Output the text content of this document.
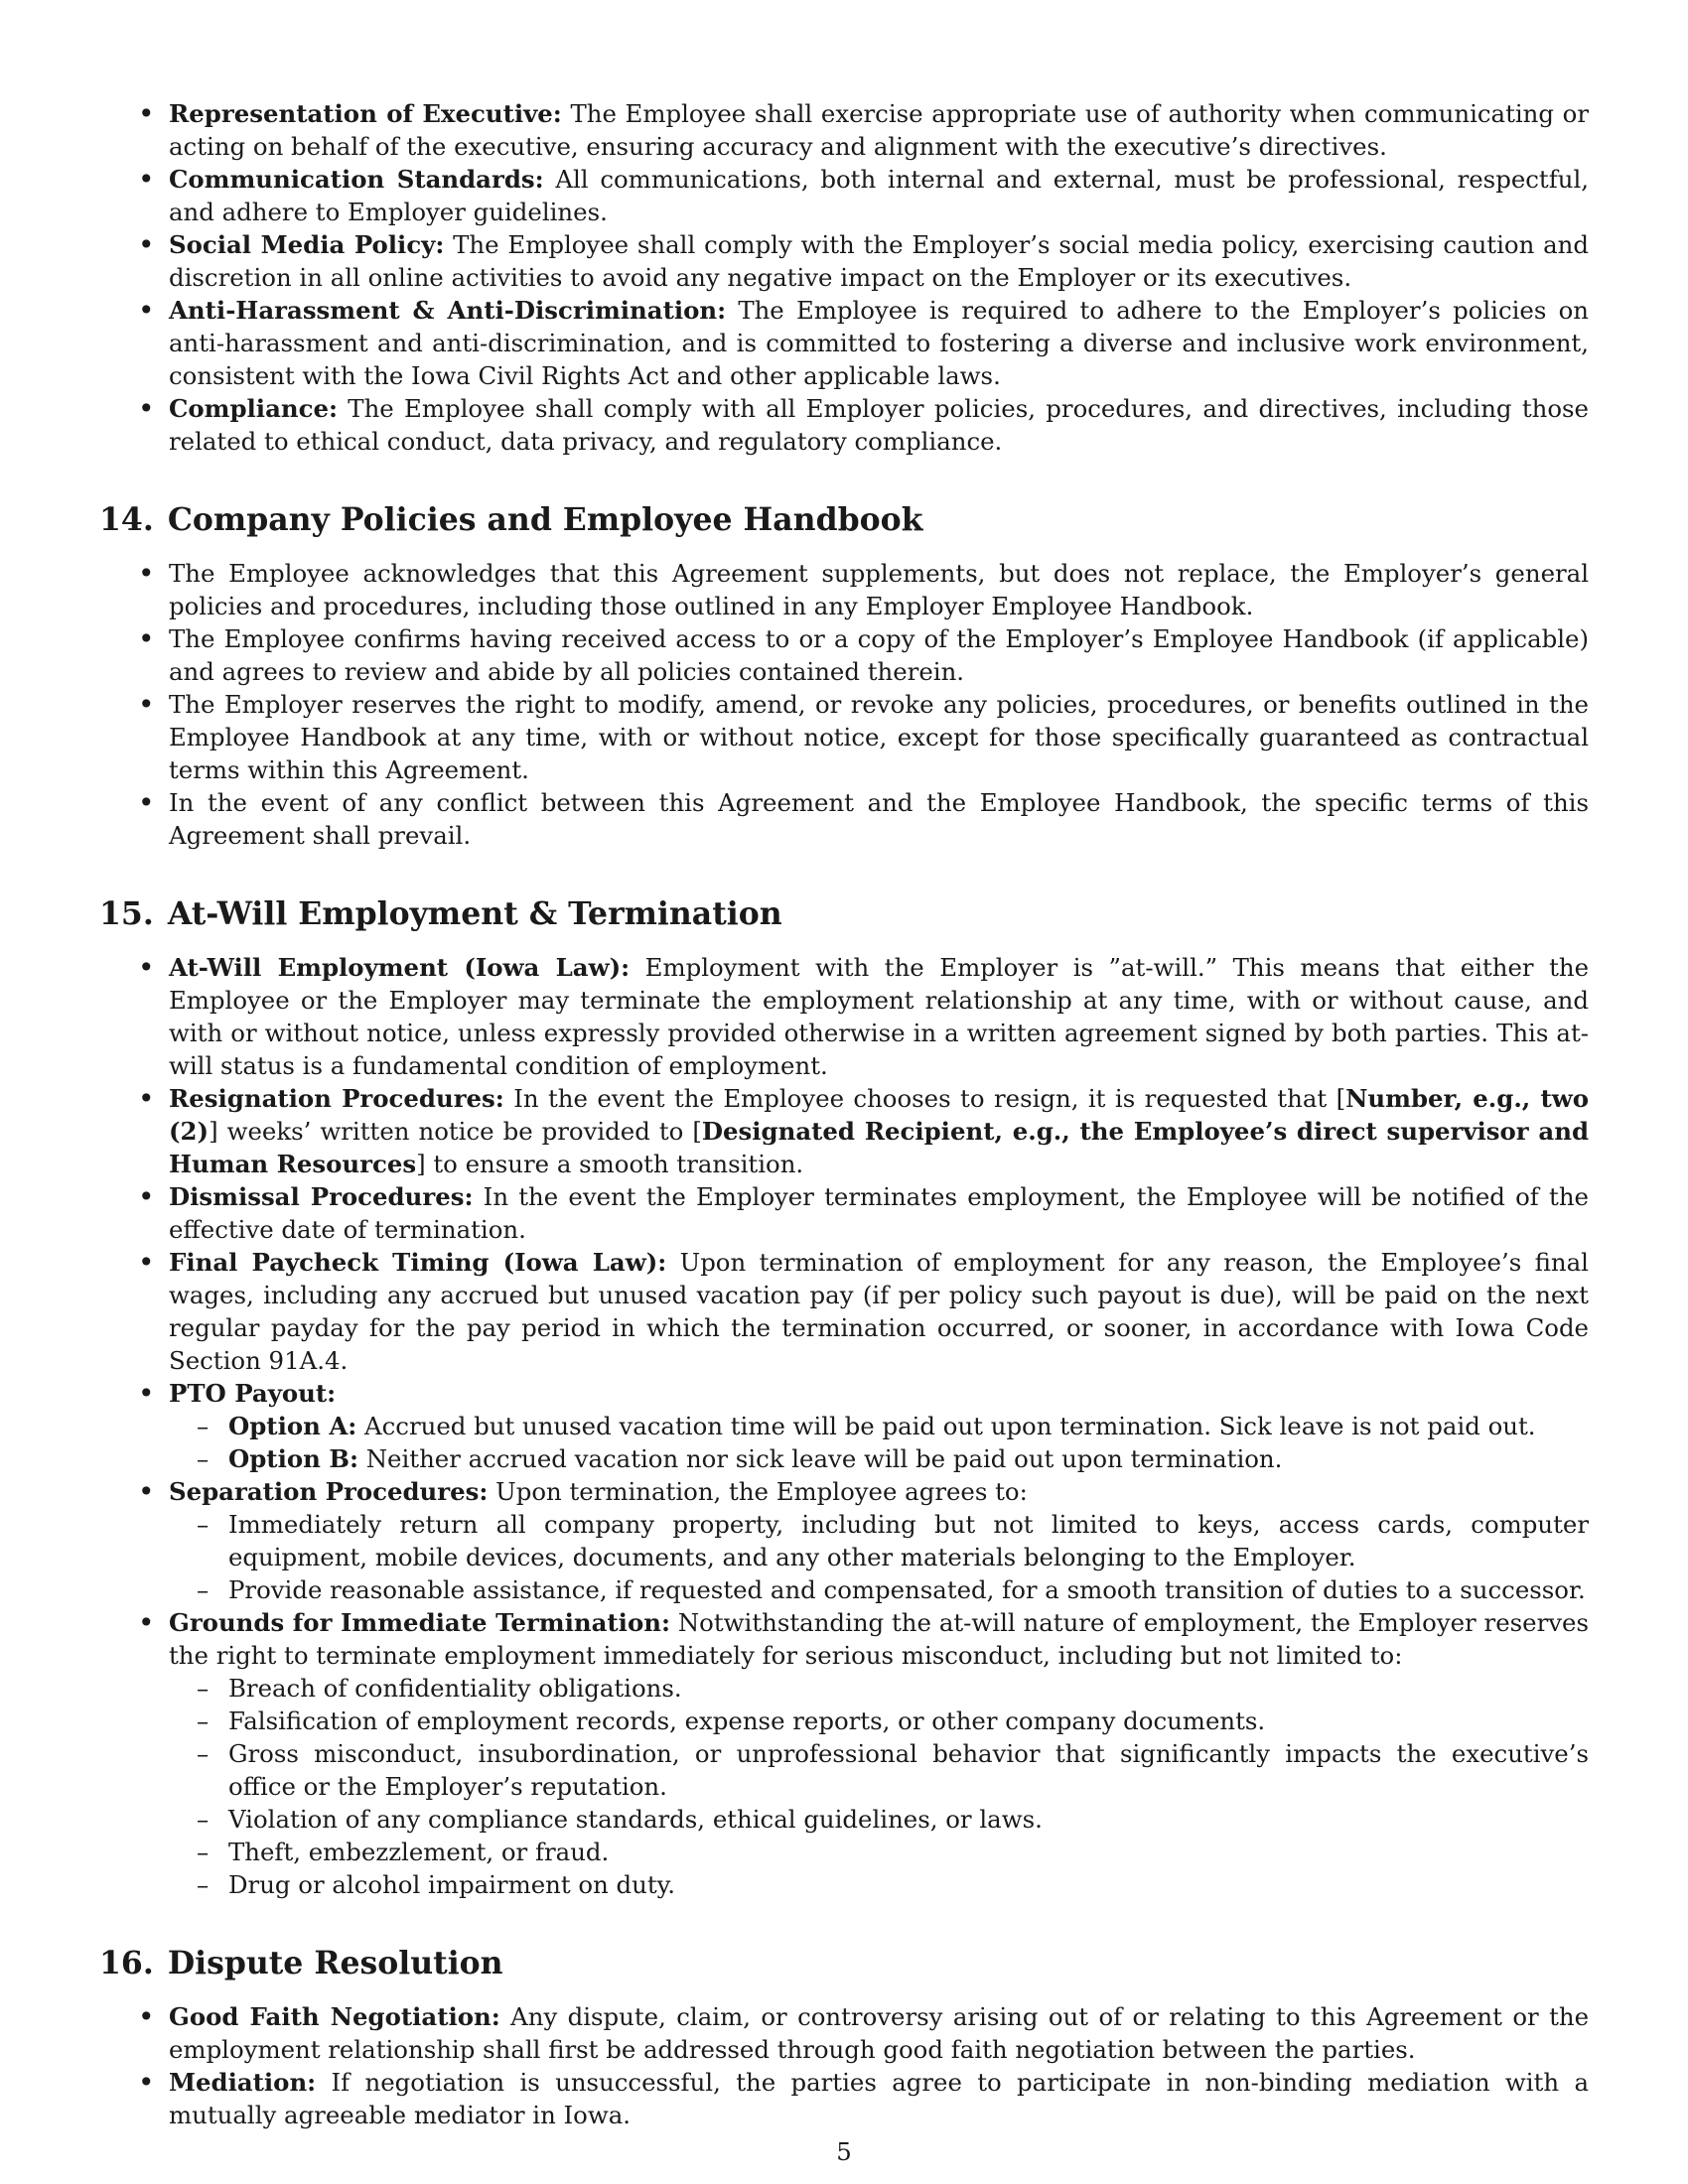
• Representation of Executive: The Employee shall exercise appropriate use of authority when communicating or acting on behalf of the executive, ensuring accuracy and alignment with the executive’s directives.
• Communication Standards: All communications, both internal and external, must be professional, respectful, and adhere to Employer guidelines.
• Social Media Policy: The Employee shall comply with the Employer’s social media policy, exercising caution and discretion in all online activities to avoid any negative impact on the Employer or its executives.
• Anti-Harassment & Anti-Discrimination: The Employee is required to adhere to the Employer’s policies on anti-harassment and anti-discrimination, and is committed to fostering a diverse and inclusive work environment, consistent with the Iowa Civil Rights Act and other applicable laws.
• Compliance: The Employee shall comply with all Employer policies, procedures, and directives, including those related to ethical conduct, data privacy, and regulatory compliance.
14. Company Policies and Employee Handbook
• The Employee acknowledges that this Agreement supplements, but does not replace, the Employer’s general policies and procedures, including those outlined in any Employer Employee Handbook.
• The Employee confirms having received access to or a copy of the Employer’s Employee Handbook (if applicable) and agrees to review and abide by all policies contained therein.
• The Employer reserves the right to modify, amend, or revoke any policies, procedures, or benefits outlined in the Employee Handbook at any time, with or without notice, except for those specifically guaranteed as contractual terms within this Agreement.
• In the event of any conflict between this Agreement and the Employee Handbook, the specific terms of this Agreement shall prevail.
15. At-Will Employment & Termination
• At-Will Employment (Iowa Law): Employment with the Employer is ”at-will.” This means that either the Employee or the Employer may terminate the employment relationship at any time, with or without cause, and with or without notice, unless expressly provided otherwise in a written agreement signed by both parties. This at-will status is a fundamental condition of employment.
• Resignation Procedures: In the event the Employee chooses to resign, it is requested that [Number, e.g., two (2)] weeks’ written notice be provided to [Designated Recipient, e.g., the Employee’s direct supervisor and Human Resources] to ensure a smooth transition.
• Dismissal Procedures: In the event the Employer terminates employment, the Employee will be notified of the effective date of termination.
• Final Paycheck Timing (Iowa Law): Upon termination of employment for any reason, the Employee’s final wages, including any accrued but unused vacation pay (if per policy such payout is due), will be paid on the next regular payday for the pay period in which the termination occurred, or sooner, in accordance with Iowa Code Section 91A.4.
• PTO Payout:
– Option A: Accrued but unused vacation time will be paid out upon termination. Sick leave is not paid out.
– Option B: Neither accrued vacation nor sick leave will be paid out upon termination.
• Separation Procedures: Upon termination, the Employee agrees to:
– Immediately return all company property, including but not limited to keys, access cards, computer equipment, mobile devices, documents, and any other materials belonging to the Employer.
– Provide reasonable assistance, if requested and compensated, for a smooth transition of duties to a successor.
• Grounds for Immediate Termination: Notwithstanding the at-will nature of employment, the Employer reserves the right to terminate employment immediately for serious misconduct, including but not limited to:
– Breach of confidentiality obligations.
– Falsification of employment records, expense reports, or other company documents.
– Gross misconduct, insubordination, or unprofessional behavior that significantly impacts the executive’s office or the Employer’s reputation.
– Violation of any compliance standards, ethical guidelines, or laws.
– Theft, embezzlement, or fraud.
– Drug or alcohol impairment on duty.
16. Dispute Resolution
• Good Faith Negotiation: Any dispute, claim, or controversy arising out of or relating to this Agreement or the employment relationship shall first be addressed through good faith negotiation between the parties.
• Mediation: If negotiation is unsuccessful, the parties agree to participate in non-binding mediation with a mutually agreeable mediator in Iowa.
5
